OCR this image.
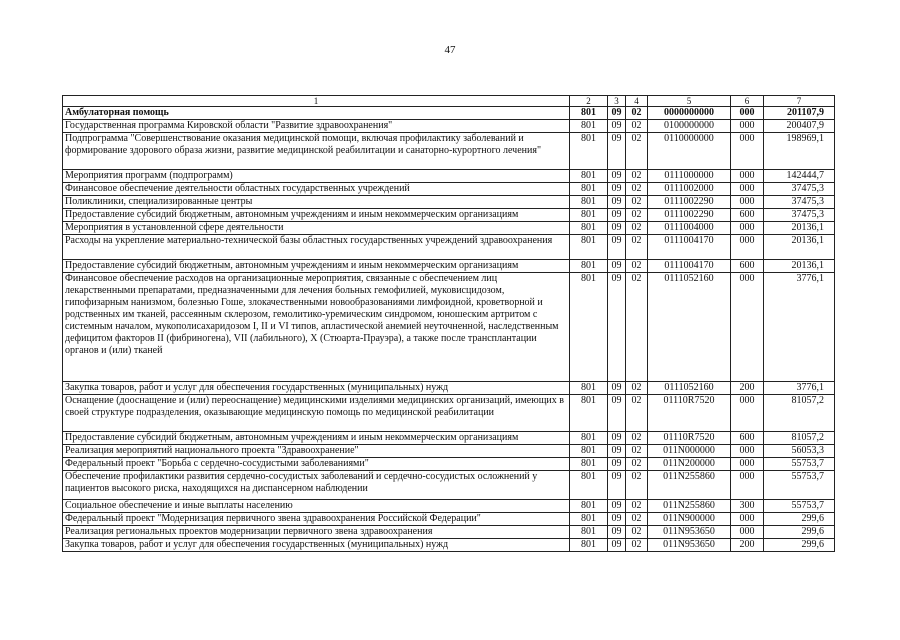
47
1	2	3	4	5	6	7
Амбулаторная помощь	801	09	02	0000000000	000	201107,9
Государственная программа Кировской области "Развитие здравоохранения"	801	09	02	0100000000	000	200407,9
Подпрограмма "Совершенствование оказания медицинской помощи, включая профилактику заболеваний и формирование здорового образа жизни, развитие медицинской реабилитации и санаторно-курортного лечения"	801	09	02	0110000000	000	198969,1
Мероприятия программ (подпрограмм)	801	09	02	0111000000	000	142444,7
Финансовое обеспечение деятельности областных государственных учреждений	801	09	02	0111002000	000	37475,3
Поликлиники, специализированные центры	801	09	02	0111002290	000	37475,3
Предоставление субсидий бюджетным, автономным учреждениям и иным некоммерческим организациям	801	09	02	0111002290	600	37475,3
Мероприятия в установленной сфере деятельности	801	09	02	0111004000	000	20136,1
Расходы на укрепление материально-технической базы областных государственных учреждений здравоохранения	801	09	02	0111004170	000	20136,1
Предоставление субсидий бюджетным, автономным учреждениям и иным некоммерческим организациям	801	09	02	0111004170	600	20136,1
Финансовое обеспечение расходов на организационные мероприятия, связанные с обеспечением лиц лекарственными препаратами, предназначенными для лечения больных гемофилией, муковисцидозом, гипофизарным нанизмом, болезнью Гоше, злокачественными новообразованиями лимфоидной, кроветворной и родственных им тканей, рассеянным склерозом, гемолитико-уремическим синдромом, юношеским артритом с системным началом, мукополисахаридозом I, II и VI типов, апластической анемией неуточненной, наследственным дефицитом факторов II (фибриногена), VII (лабильного), X (Стюарта-Прауэра), а также после трансплантации органов и (или) тканей	801	09	02	0111052160	000	3776,1
Закупка товаров, работ и услуг для обеспечения государственных (муниципальных) нужд	801	09	02	0111052160	200	3776,1
Оснащение (дооснащение и (или) переоснащение) медицинскими изделиями медицинских организаций, имеющих в своей структуре подразделения, оказывающие медицинскую помощь по медицинской реабилитации	801	09	02	01110R7520	000	81057,2
Предоставление субсидий бюджетным, автономным учреждениям и иным некоммерческим организациям	801	09	02	01110R7520	600	81057,2
Реализация мероприятий национального проекта "Здравоохранение"	801	09	02	011N000000	000	56053,3
Федеральный проект "Борьба с сердечно-сосудистыми заболеваниями"	801	09	02	011N200000	000	55753,7
Обеспечение профилактики развития сердечно-сосудистых заболеваний и сердечно-сосудистых осложнений у пациентов высокого риска, находящихся на диспансерном наблюдении	801	09	02	011N255860	000	55753,7
Социальное обеспечение и иные выплаты населению	801	09	02	011N255860	300	55753,7
Федеральный проект "Модернизация первичного звена здравоохранения Российской Федерации"	801	09	02	011N900000	000	299,6
Реализация региональных проектов модернизации первичного звена здравоохранения	801	09	02	011N953650	000	299,6
Закупка товаров, работ и услуг для обеспечения государственных (муниципальных) нужд	801	09	02	011N953650	200	299,6
